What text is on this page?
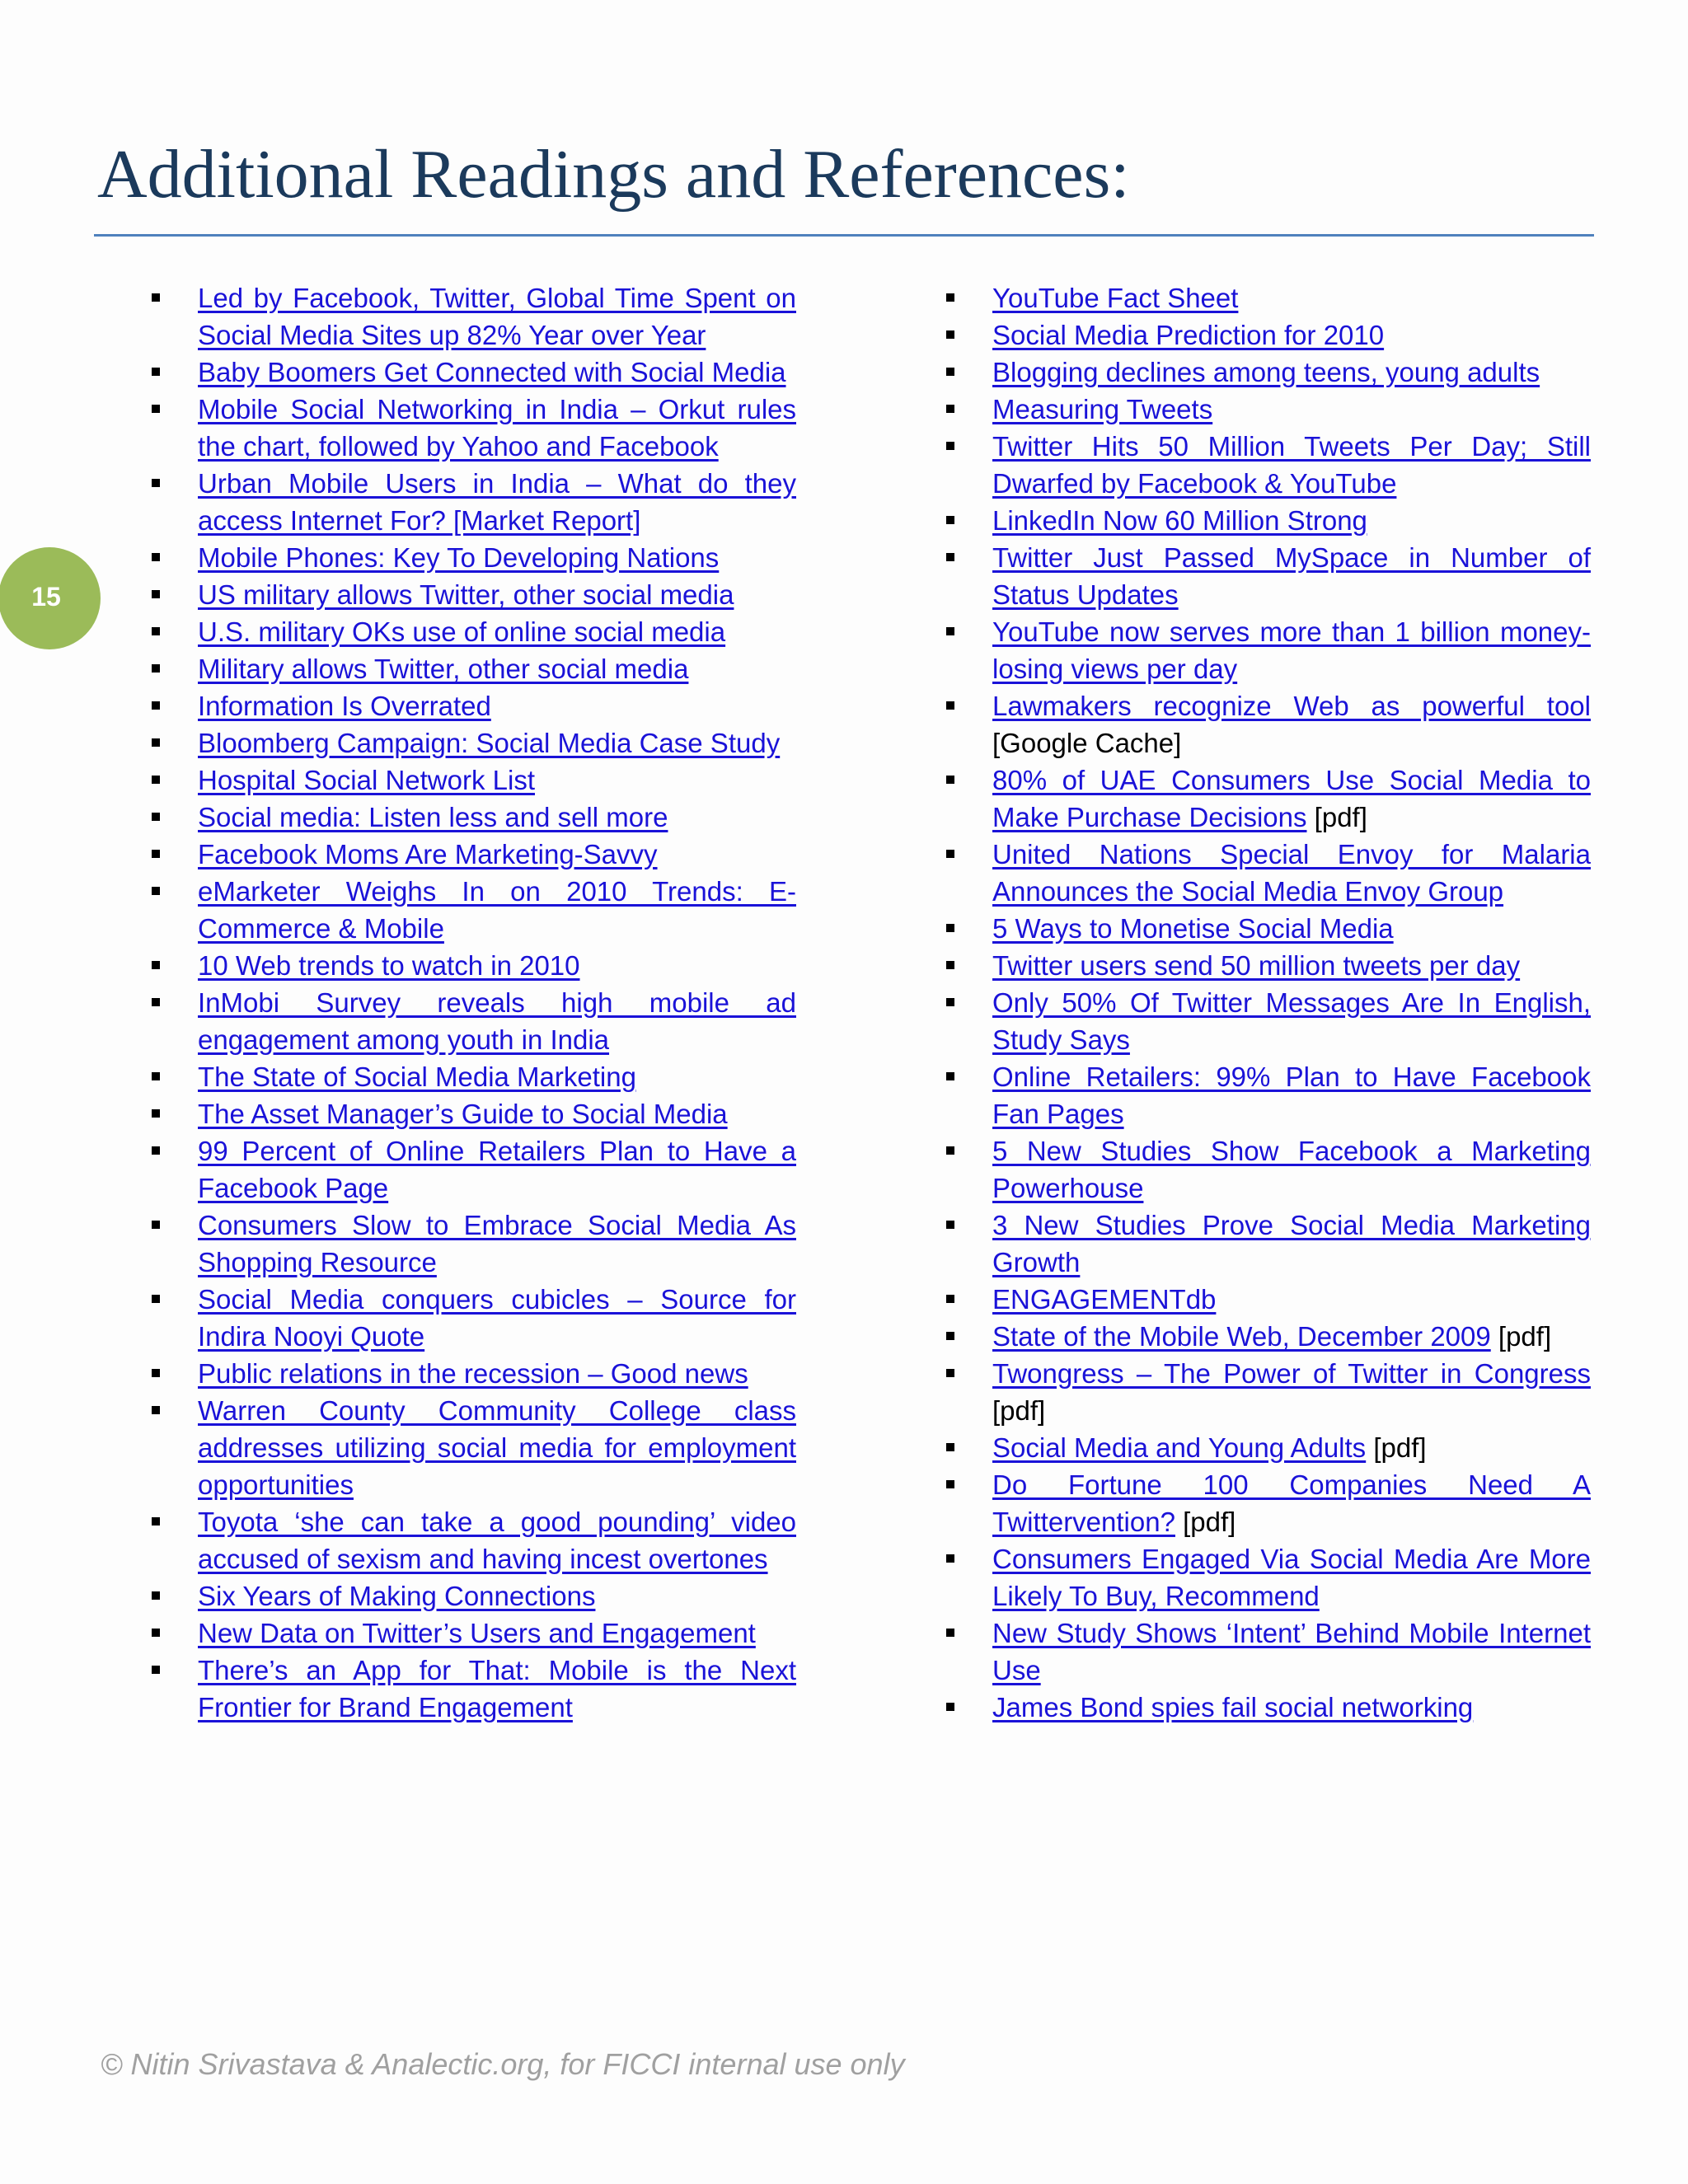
Additional Readings and References:
15
Led by Facebook, Twitter, Global Time Spent on Social Media Sites up 82% Year over Year
Baby Boomers Get Connected with Social Media
Mobile Social Networking in India – Orkut rules the chart, followed by Yahoo and Facebook
Urban Mobile Users in India – What do they access Internet For? [Market Report]
Mobile Phones: Key To Developing Nations
US military allows Twitter, other social media
U.S. military OKs use of online social media
Military allows Twitter, other social media
Information Is Overrated
Bloomberg Campaign: Social Media Case Study
Hospital Social Network List
Social media: Listen less and sell more
Facebook Moms Are Marketing-Savvy
eMarketer Weighs In on 2010 Trends: E-Commerce & Mobile
10 Web trends to watch in 2010
InMobi Survey reveals high mobile ad engagement among youth in India
The State of Social Media Marketing
The Asset Manager’s Guide to Social Media
99 Percent of Online Retailers Plan to Have a Facebook Page
Consumers Slow to Embrace Social Media As Shopping Resource
Social Media conquers cubicles – Source for Indira Nooyi Quote
Public relations in the recession – Good news
Warren County Community College class addresses utilizing social media for employment opportunities
Toyota ‘she can take a good pounding’ video accused of sexism and having incest overtones
Six Years of Making Connections
New Data on Twitter’s Users and Engagement
There’s an App for That: Mobile is the Next Frontier for Brand Engagement
YouTube Fact Sheet
Social Media Prediction for 2010
Blogging declines among teens, young adults
Measuring Tweets
Twitter Hits 50 Million Tweets Per Day; Still Dwarfed by Facebook & YouTube
LinkedIn Now 60 Million Strong
Twitter Just Passed MySpace in Number of Status Updates
YouTube now serves more than 1 billion money-losing views per day
Lawmakers recognize Web as powerful tool [Google Cache]
80% of UAE Consumers Use Social Media to Make Purchase Decisions [pdf]
United Nations Special Envoy for Malaria Announces the Social Media Envoy Group
5 Ways to Monetise Social Media
Twitter users send 50 million tweets per day
Only 50% Of Twitter Messages Are In English, Study Says
Online Retailers: 99% Plan to Have Facebook Fan Pages
5 New Studies Show Facebook a Marketing Powerhouse
3 New Studies Prove Social Media Marketing Growth
ENGAGEMENTdb
State of the Mobile Web, December 2009 [pdf]
Twongress – The Power of Twitter in Congress [pdf]
Social Media and Young Adults [pdf]
Do Fortune 100 Companies Need A Twittervention? [pdf]
Consumers Engaged Via Social Media Are More Likely To Buy, Recommend
New Study Shows ‘Intent’ Behind Mobile Internet Use
James Bond spies fail social networking
© Nitin Srivastava & Analectic.org, for FICCI internal use only
